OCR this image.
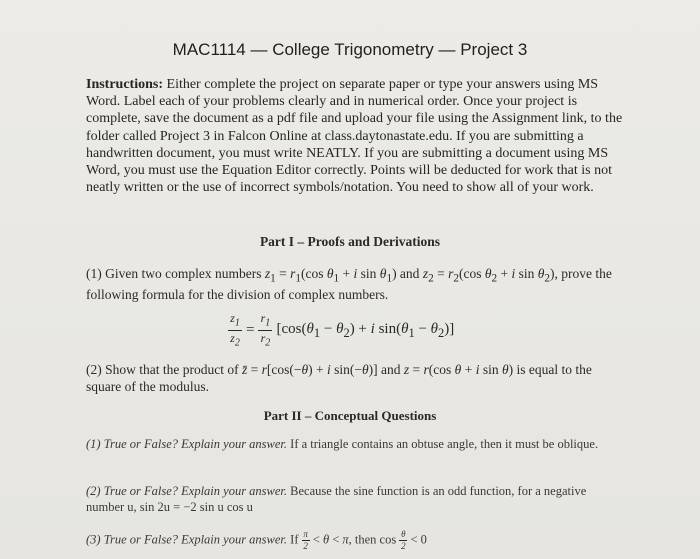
MAC1114 — College Trigonometry — Project 3
Instructions: Either complete the project on separate paper or type your answers using MS Word. Label each of your problems clearly and in numerical order. Once your project is complete, save the document as a pdf file and upload your file using the Assignment link, to the folder called Project 3 in Falcon Online at class.daytonastate.edu. If you are submitting a handwritten document, you must write NEATLY. If you are submitting a document using MS Word, you must use the Equation Editor correctly. Points will be deducted for work that is not neatly written or the use of incorrect symbols/notation. You need to show all of your work.
Part I – Proofs and Derivations
(1) Given two complex numbers $z_1 = r_1(\cos$ $\theta_1 + i$ $\sin \theta_1$) and $z_2 = r_2(\cos$ $\theta_2 + i$ $\sin \theta_2$), prove the following formula for the division of complex numbers.
$\frac{z_1}{z_2} = \frac{r_1}{r_2} [\cos(\theta_1 - \theta_2) + i$ $\sin(\theta_1 - \theta_2)$]
(2) Show that the product of z̄ = r[cos(−θ) + i sin(−θ)] and z = r(cos θ + i sin θ) is equal to the square of the modulus.
Part II – Conceptual Questions
(1) True or False? Explain your answer. If a triangle contains an obtuse angle, then it must be oblique.
(2) True or False? Explain your answer. Because the sine function is an odd function, for a negative number u, sin 2u = −2 sin u cos u
(3) True or False? Explain your answer. If $\frac{\pi}{2} < \theta < \pi$, then $\cos \frac{\theta}{2} < 0$
